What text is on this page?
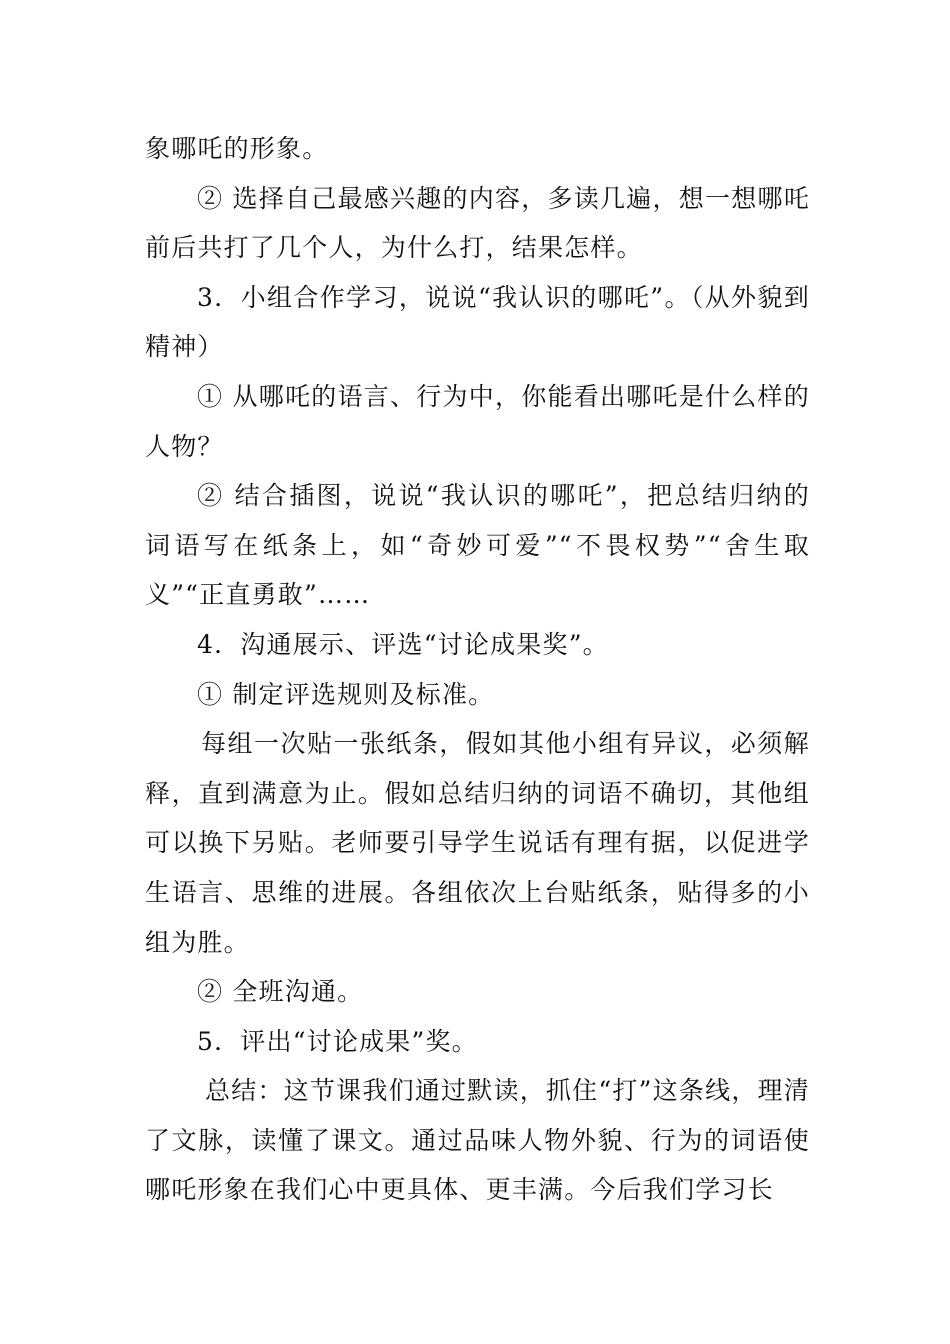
象哪吒的形象。

② 选择自己最感兴趣的内容，多读几遍，想一想哪吒前后共打了几个人，为什么打，结果怎样。

3．小组合作学习，说说“我认识的哪吒”。（从外貌到精神）

① 从哪吒的语言、行为中，你能看出哪吒是什么样的人物？

② 结合插图，说说“我认识的哪吒”，把总结归纳的词语写在纸条上，如“奇妙可爱”“不畏权势”“舍生取义”“正直勇敢”……

4．沟通展示、评选“讨论成果奖”。

① 制定评选规则及标准。

每组一次贴一张纸条，假如其他小组有异议，必须解释，直到满意为止。假如总结归纳的词语不确切，其他组可以换下另贴。老师要引导学生说话有理有据，以促进学生语言、思维的进展。各组依次上台贴纸条，贴得多的小组为胜。

② 全班沟通。

5．评出“讨论成果”奖。

总结：这节课我们通过默读，抓住“打”这条线，理清了文脉，读懂了课文。通过品味人物外貌、行为的词语使哪吒形象在我们心中更具体、更丰满。今后我们学习长
